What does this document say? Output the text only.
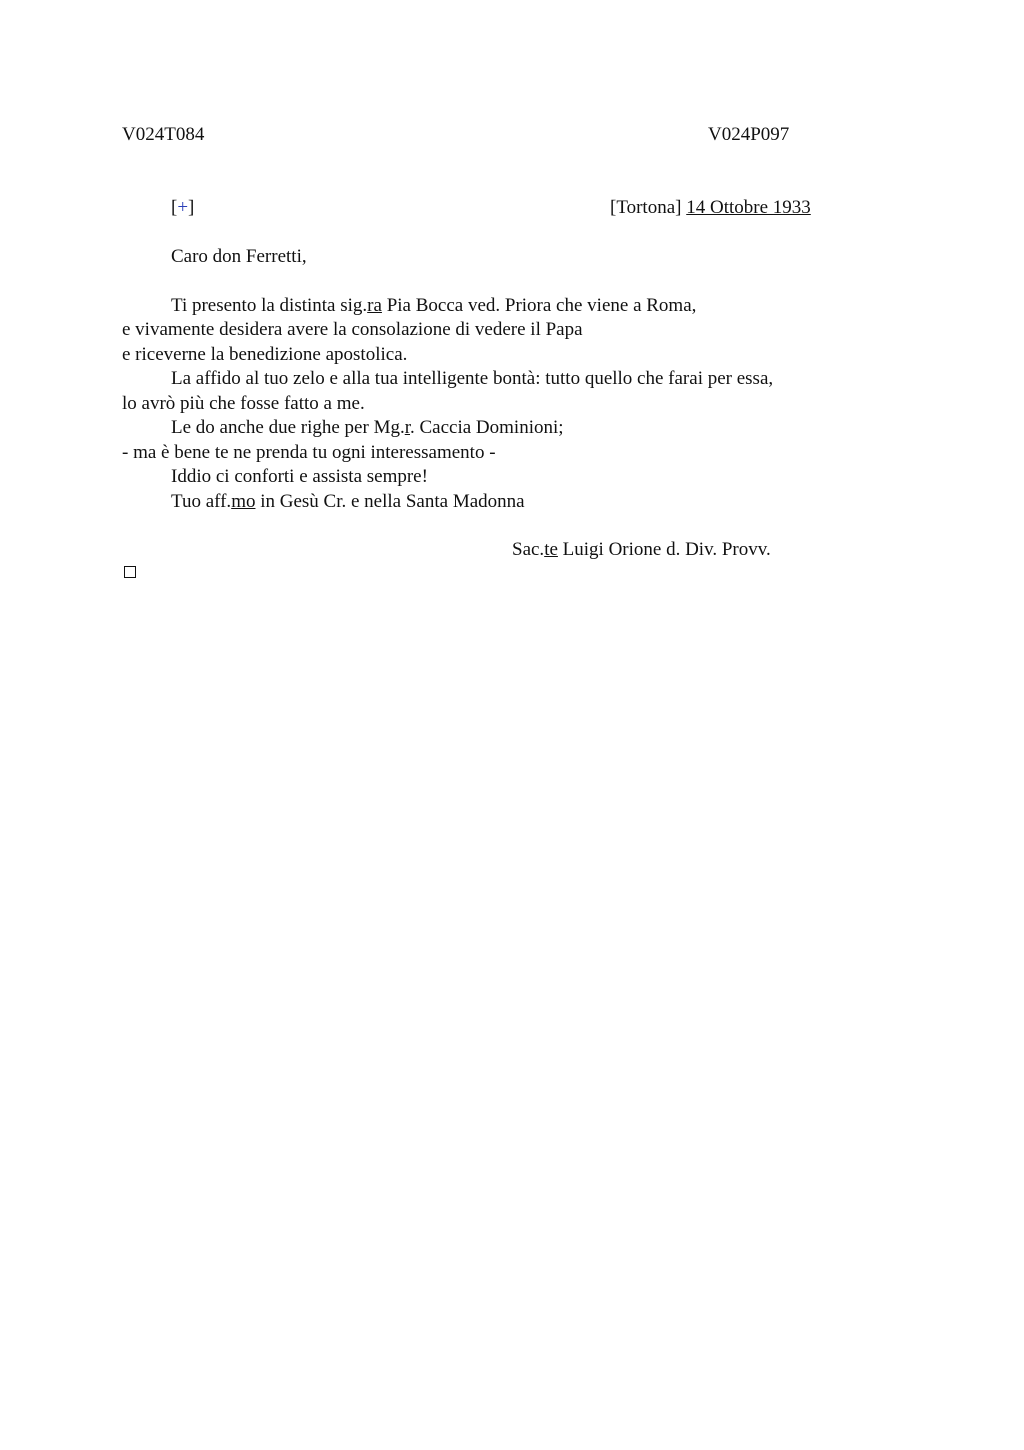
V024T084	V024P097
[+]	[Tortona] 14 Ottobre 1933
Caro don Ferretti,
Ti presento la distinta sig.ra Pia Bocca ved. Priora che viene a Roma,
e vivamente desidera avere la consolazione di vedere il Papa
e riceverne la benedizione apostolica.
La affido al tuo zelo e alla tua intelligente bontà: tutto quello che farai per essa,
lo avrò più che fosse fatto a me.
Le do anche due righe per Mg.r. Caccia Dominioni;
- ma è bene te ne prenda tu ogni interessamento -
Iddio ci conforti e assista sempre!
Tuo aff.mo in Gesù Cr. e nella Santa Madonna
Sac.te Luigi Orione d. Div. Provv.
